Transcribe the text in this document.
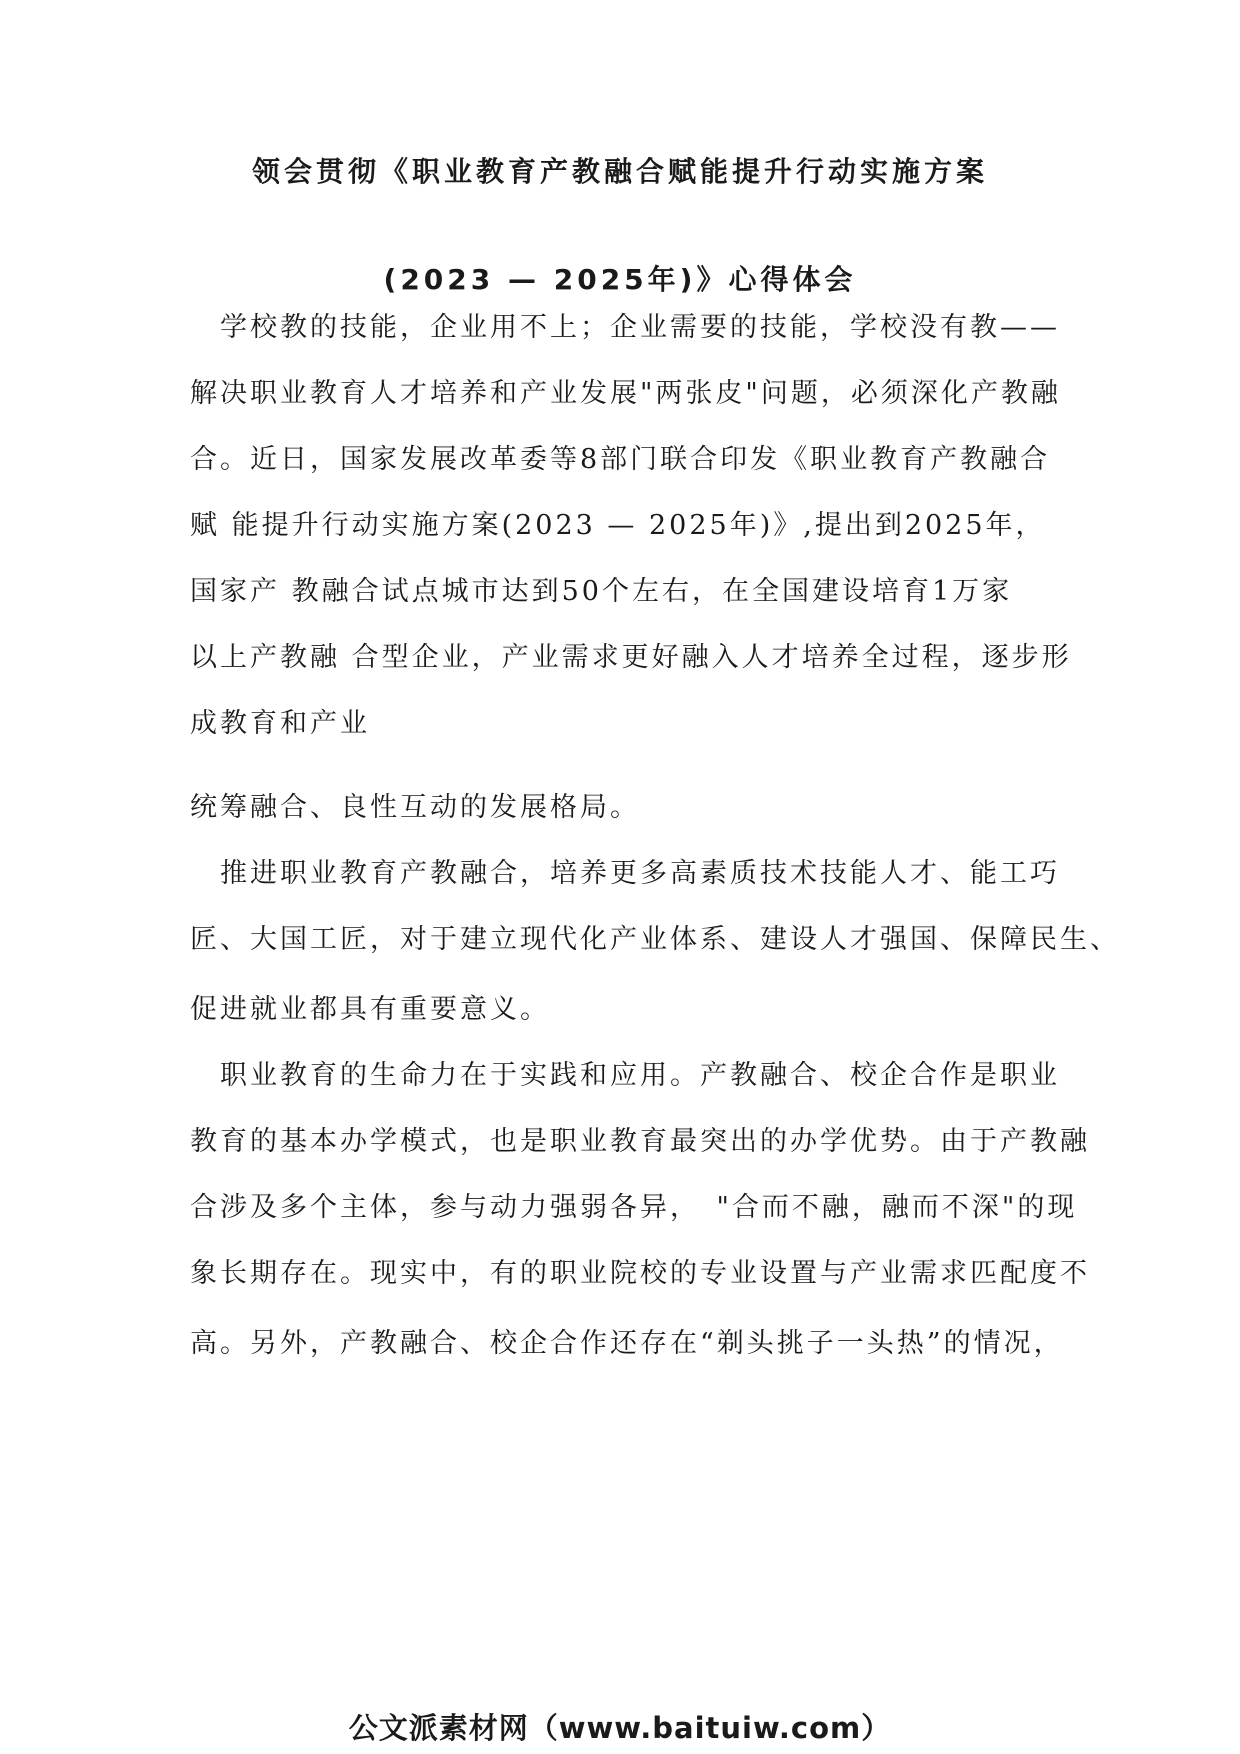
领会贯彻《职业教育产教融合赋能提升行动实施方案
(2023 — 2025年)》心得体会

　学校教的技能，企业用不上；企业需要的技能，学校没有教——

解决职业教育人才培养和产业发展"两张皮"问题，必须深化产教融

合。近日，国家发展改革委等8部门联合印发《职业教育产教融合

赋 能提升行动实施方案(2023 — 2025年)》,提出到2025年，

国家产 教融合试点城市达到50个左右，在全国建设培育1万家

以上产教融 合型企业，产业需求更好融入人才培养全过程，逐步形

成教育和产业

统筹融合、良性互动的发展格局。

　推进职业教育产教融合，培养更多高素质技术技能人才、能工巧

匠、大国工匠，对于建立现代化产业体系、建设人才强国、保障民生、

促进就业都具有重要意义。

　职业教育的生命力在于实践和应用。产教融合、校企合作是职业

教育的基本办学模式，也是职业教育最突出的办学优势。由于产教融

合涉及多个主体，参与动力强弱各异，　"合而不融，融而不深"的现

象长期存在。现实中，有的职业院校的专业设置与产业需求匹配度不

高。另外，产教融合、校企合作还存在“剃头挑子一头热”的情况，

公文派素材网（www.baituiw.com）
